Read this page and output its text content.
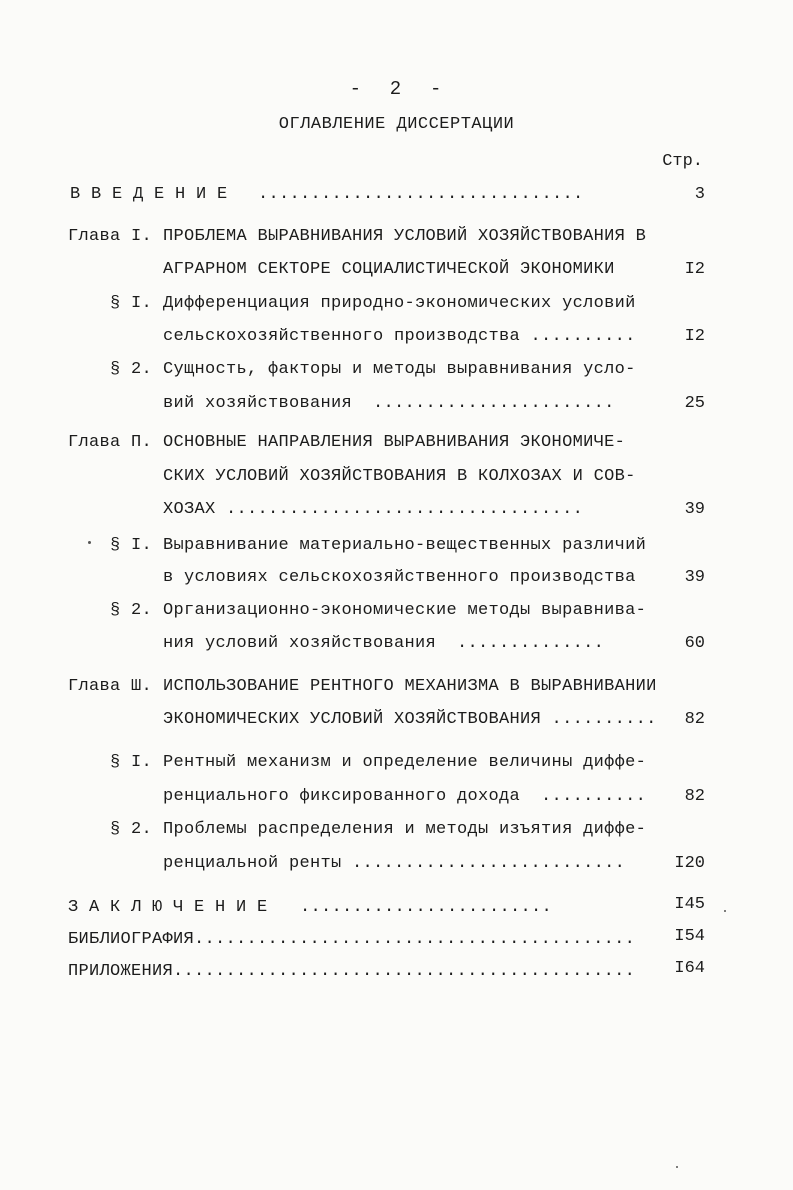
-  2  -
ОГЛАВЛЕНИЕ ДИССЕРТАЦИИ
Стр.
В В Е Д Е Н И Е ...............................	3
Глава I. ПРОБЛЕМА ВЫРАВНИВАНИЯ УСЛОВИЙ ХОЗЯЙСТВОВАНИЯ В
АГРАРНОМ СЕКТОРЕ СОЦИАЛИСТИЧЕСКОЙ ЭКОНОМИКИ	I2
§ I. Дифференциация природно-экономических условий
сельскохозяйственного производства ..........	I2
§ 2. Сущность, факторы и методы выравнивания усло-
вий хозяйствования  .......................	25
Глава П. ОСНОВНЫЕ НАПРАВЛЕНИЯ ВЫРАВНИВАНИЯ ЭКОНОМИЧЕ-
СКИХ УСЛОВИЙ ХОЗЯЙСТВОВАНИЯ В КОЛХОЗАХ И СОВ-
ХОЗАХ ..................................	39
§ I. Выравнивание материально-вещественных различий
в условиях сельскохозяйственного производства	39
§ 2. Организационно-экономические методы выравнива-
ния условий хозяйствования  ..............	60
Глава Ш. ИСПОЛЬЗОВАНИЕ РЕНТНОГО МЕХАНИЗМА В ВЫРАВНИВАНИИ
ЭКОНОМИЧЕСКИХ УСЛОВИЙ ХОЗЯЙСТВОВАНИЯ .......... 82
§ I. Рентный механизм и определение величины диффе-
ренциального фиксированного дохода  .......... 82
§ 2. Проблемы распределения и методы изъятия диффе-
ренциальной ренты ..........................	I20
З А К Л Ю Ч Е Н И Е ........................	I45
БИБЛИОГРАФИЯ.......................................... I54
ПРИЛОЖЕНИЯ............................................ I64
